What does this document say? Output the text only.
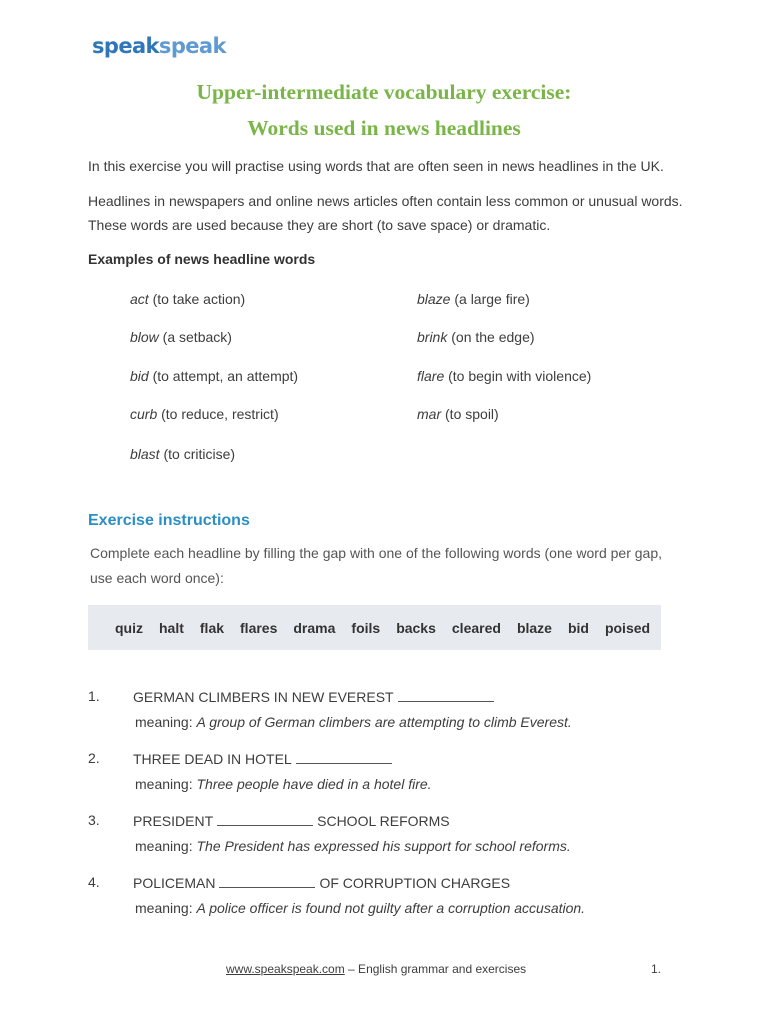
speakspeak
Upper-intermediate vocabulary exercise:
Words used in news headlines
In this exercise you will practise using words that are often seen in news headlines in the UK.
Headlines in newspapers and online news articles often contain less common or unusual words. These words are used because they are short (to save space) or dramatic.
Examples of news headline words
act (to take action)	blaze (a large fire)
blow (a setback)	brink (on the edge)
bid (to attempt, an attempt)	flare (to begin with violence)
curb (to reduce, restrict)	mar (to spoil)
blast (to criticise)
Exercise instructions
Complete each headline by filling the gap with one of the following words (one word per gap, use each word once):
quiz halt flak flares drama foils backs cleared blaze bid poised
1. GERMAN CLIMBERS IN NEW EVEREST
meaning: A group of German climbers are attempting to climb Everest.
2. THREE DEAD IN HOTEL
meaning: Three people have died in a hotel fire.
3. PRESIDENT	SCHOOL REFORMS
meaning: The President has expressed his support for school reforms.
4. POLICEMAN	OF CORRUPTION CHARGES
meaning: A police officer is found not guilty after a corruption accusation.
www.speakspeak.com – English grammar and exercises	1.
